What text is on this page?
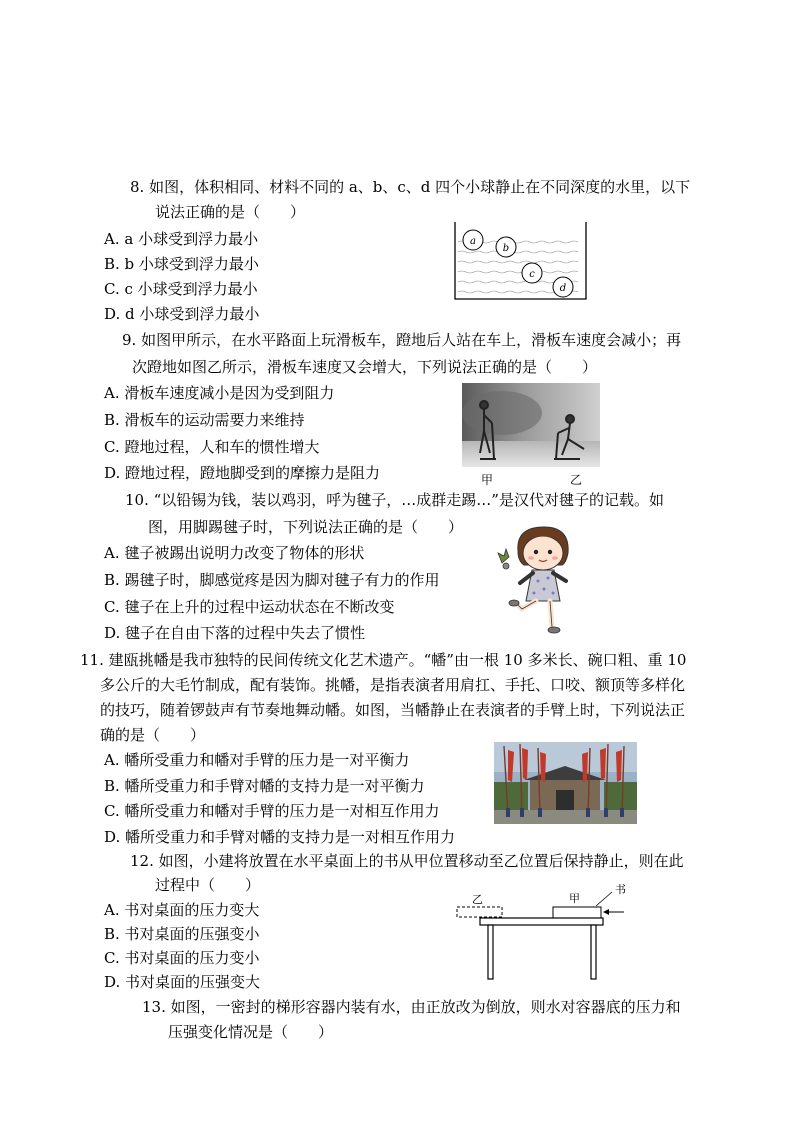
8. 如图，体积相同、材料不同的 a、b、c、d 四个小球静止在不同深度的水里，以下
说法正确的是（　　）
A. a 小球受到浮力最小
B. b 小球受到浮力最小
C. c 小球受到浮力最小
D. d 小球受到浮力最小
a
b
c
d
9. 如图甲所示，在水平路面上玩滑板车，蹬地后人站在车上，滑板车速度会减小；再
次蹬地如图乙所示，滑板车速度又会增大，下列说法正确的是（　　）
A. 滑板车速度减小是因为受到阻力
B. 滑板车的运动需要力来维持
C. 蹬地过程，人和车的惯性增大
D. 蹬地过程，蹬地脚受到的摩擦力是阻力	甲	乙
10. “以铅锡为钱，装以鸡羽，呼为毽子，…成群走踢…”是汉代对毽子的记载。如
图，用脚踢毽子时，下列说法正确的是（　　）
A. 毽子被踢出说明力改变了物体的形状
B. 踢毽子时，脚感觉疼是因为脚对毽子有力的作用
C. 毽子在上升的过程中运动状态在不断改变
D. 毽子在自由下落的过程中失去了惯性
11. 建瓯挑幡是我市独特的民间传统文化艺术遗产。“幡”由一根 10 多米长、碗口粗、重 10
多公斤的大毛竹制成，配有装饰。挑幡，是指表演者用肩扛、手托、口咬、额顶等多样化
的技巧，随着锣鼓声有节奏地舞动幡。如图，当幡静止在表演者的手臂上时，下列说法正
确的是（　　）
A. 幡所受重力和幡对手臂的压力是一对平衡力
B. 幡所受重力和手臂对幡的支持力是一对平衡力
C. 幡所受重力和幡对手臂的压力是一对相互作用力
D. 幡所受重力和手臂对幡的支持力是一对相互作用力
12. 如图，小建将放置在水平桌面上的书从甲位置移动至乙位置后保持静止，则在此
过程中（　　）
A. 书对桌面的压力变大
B. 书对桌面的压强变小
C. 书对桌面的压力变小
D. 书对桌面的压强变大
乙	甲
书
13. 如图，一密封的梯形容器内装有水，由正放改为倒放，则水对容器底的压力和
压强变化情况是（　　）
